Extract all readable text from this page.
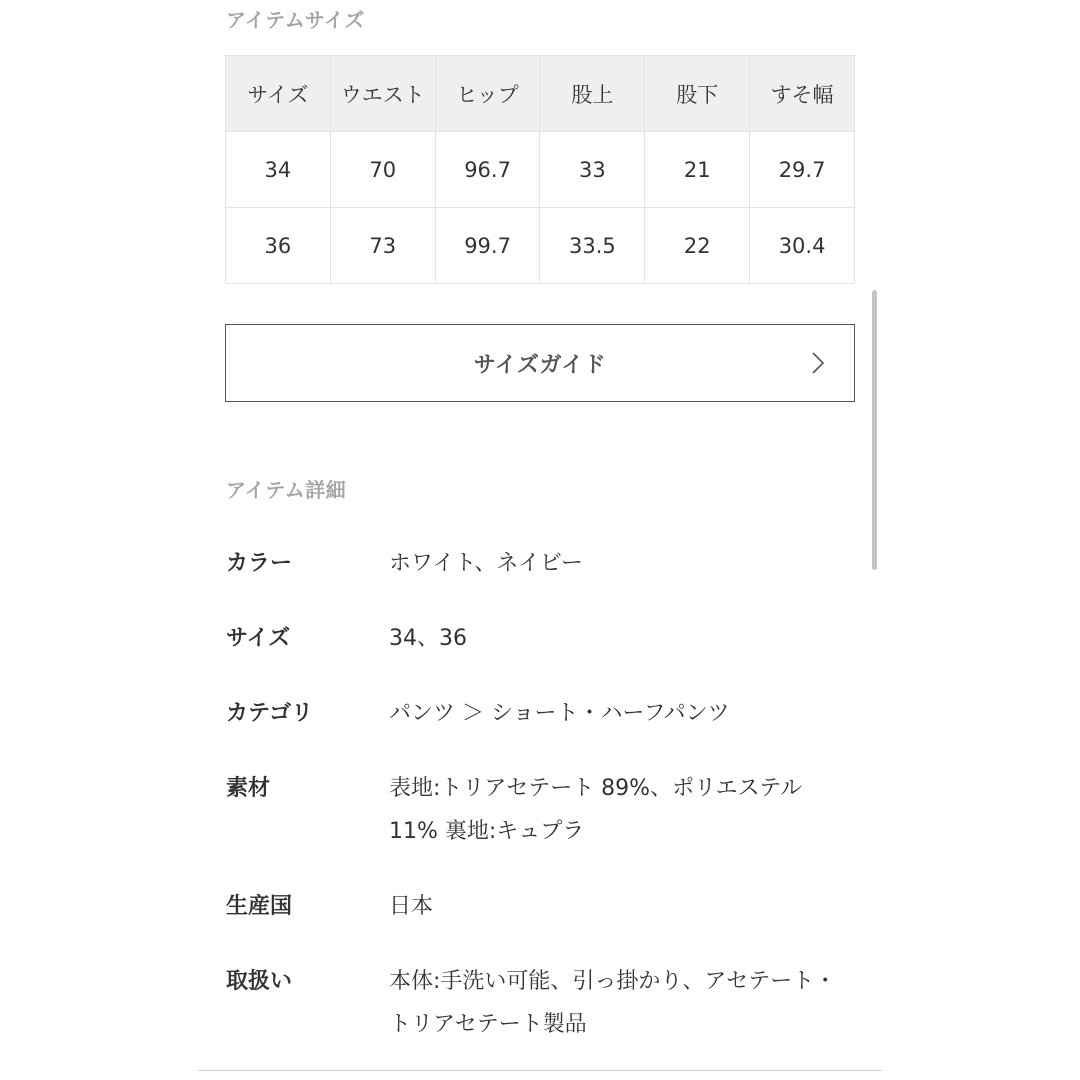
アイテムサイズ
サイズ	ウエスト	ヒップ	股上	股下	すそ幅
34	70	96.7	33	21	29.7
36	73	99.7	33.5	22	30.4
サイズガイド
アイテム詳細
カラー	ホワイト、ネイビー
サイズ	34、36
カテゴリ	パンツ ＞ ショート・ハーフパンツ
素材	表地:トリアセテート 89%、ポリエステル 11% 裏地:キュプラ
生産国	日本
取扱い	本体:手洗い可能、引っ掛かり、アセテート・トリアセテート製品
